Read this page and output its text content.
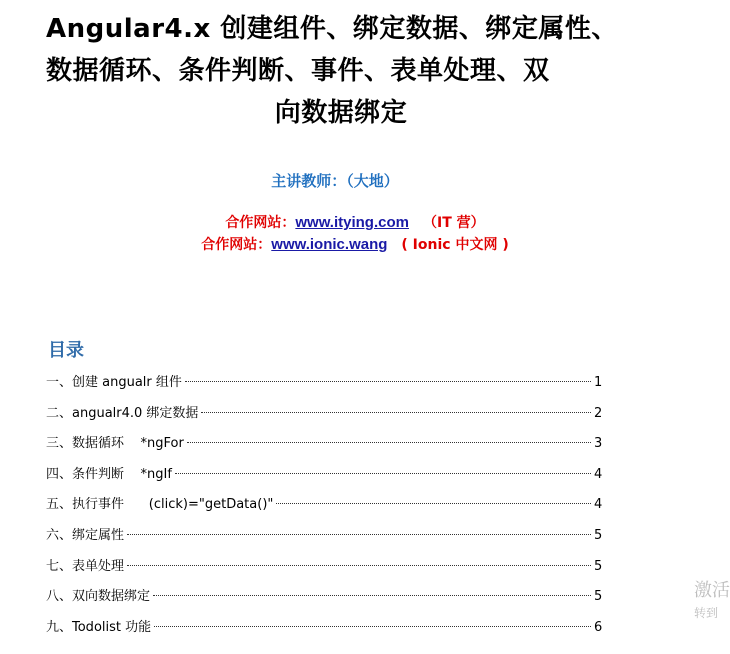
Angular4.x 创建组件、绑定数据、绑定属性、
数据循环、条件判断、事件、表单处理、双
向数据绑定
主讲教师：（大地）
合作网站：www.itying.com （IT 营）
合作网站：www.ionic.wang ( Ionic 中文网 )
目录
一、创建 angualr 组件	1
二、angualr4.0 绑定数据	2
三、数据循环    *ngFor	3
四、条件判断    *ngIf	4
五、执行事件      (click)="getData()"	4
六、绑定属性	5
七、表单处理	5
八、双向数据绑定	5
九、Todolist 功能	6
激活
转到
